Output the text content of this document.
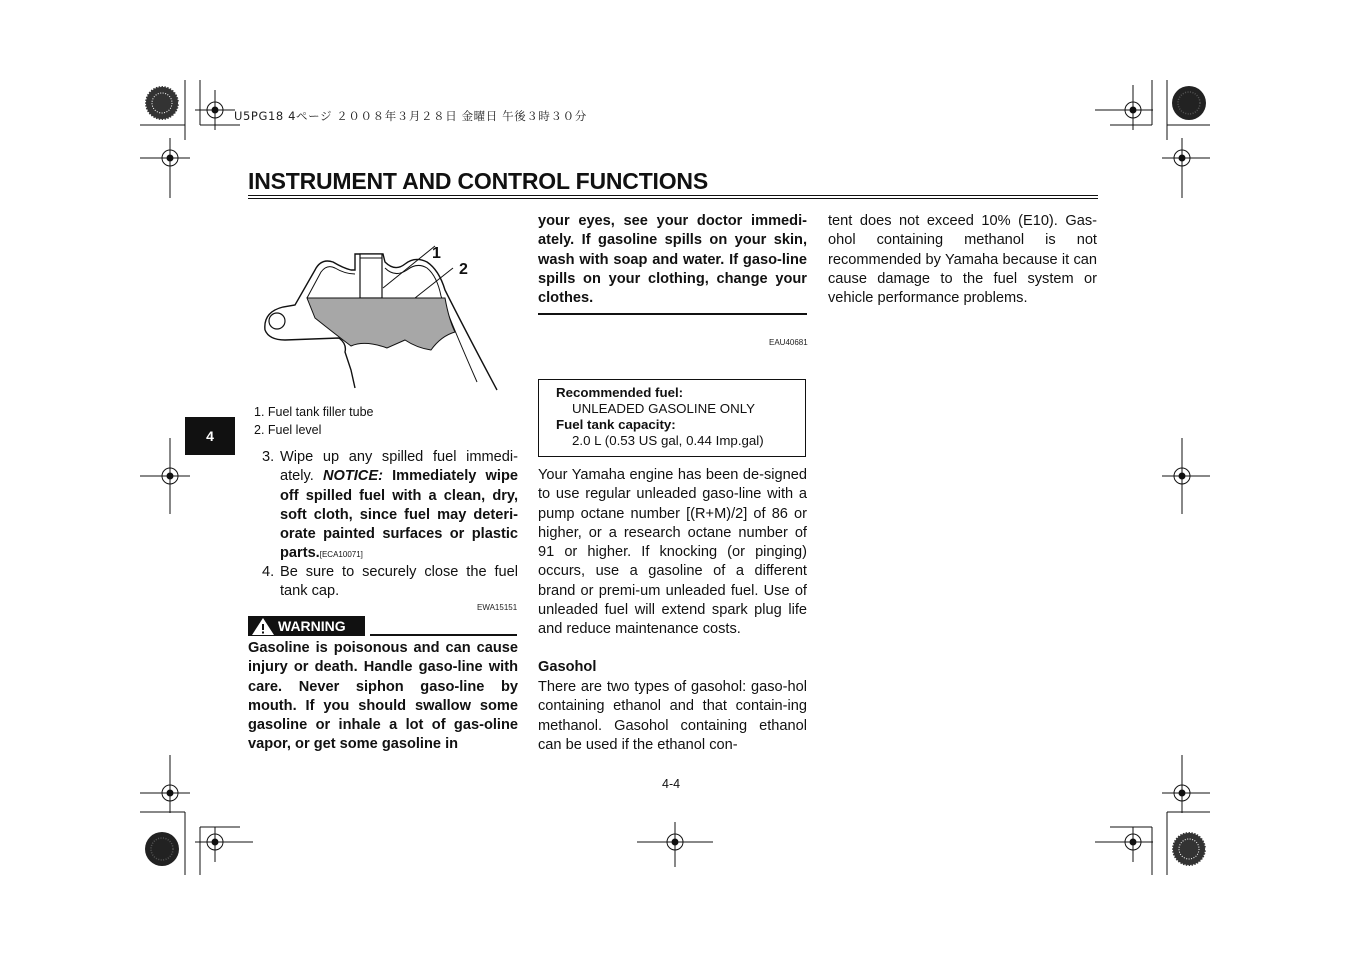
U5PG18 4ページ ２００８年３月２８日 金曜日 午後３時３０分
INSTRUMENT AND CONTROL FUNCTIONS
4
1
2
1. Fuel tank filler tube
2. Fuel level
3. Wipe up any spilled fuel immedi-ately. NOTICE: Immediately wipe off spilled fuel with a clean, dry, soft cloth, since fuel may deteri-orate painted surfaces or plastic parts.[ECA10071]
4. Be sure to securely close the fuel tank cap.
EWA15151
WARNING
Gasoline is poisonous and can cause injury or death. Handle gaso-line with care. Never siphon gaso-line by mouth. If you should swallow some gasoline or inhale a lot of gas-oline vapor, or get some gasoline in
your eyes, see your doctor immedi-ately. If gasoline spills on your skin, wash with soap and water. If gaso-line spills on your clothing, change your clothes.
EAU40681
Recommended fuel:
UNLEADED GASOLINE ONLY
Fuel tank capacity:
2.0 L (0.53 US gal, 0.44 Imp.gal)
Your Yamaha engine has been de-signed to use regular unleaded gaso-line with a pump octane number [(R+M)/2] of 86 or higher, or a research octane number of 91 or higher. If knocking (or pinging) occurs, use a gasoline of a different brand or premi-um unleaded fuel. Use of unleaded fuel will extend spark plug life and reduce maintenance costs.
Gasohol
There are two types of gasohol: gaso-hol containing ethanol and that contain-ing methanol. Gasohol containing ethanol can be used if the ethanol con-
tent does not exceed 10% (E10). Gas-ohol containing methanol is not recommended by Yamaha because it can cause damage to the fuel system or vehicle performance problems.
4-4
